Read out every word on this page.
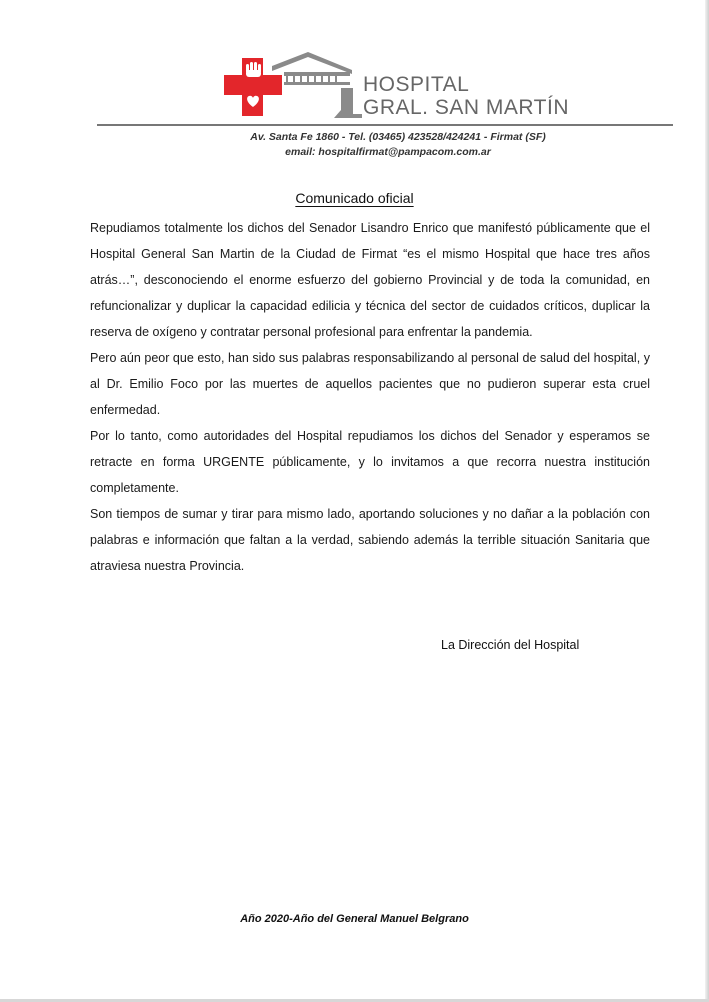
HOSPITAL
GRAL. SAN MARTÍN
Av. Santa Fe 1860 - Tel. (03465) 423528/424241 - Firmat (SF)
email: hospitalfirmat@pampacom.com.ar
Comunicado oficial

Repudiamos totalmente los dichos del Senador Lisandro Enrico que manifestó públicamente que el Hospital General San Martin de la Ciudad de Firmat “es el mismo Hospital que hace tres años atrás…”, desconociendo el enorme esfuerzo del gobierno Provincial y de toda la comunidad, en refuncionalizar y duplicar la capacidad edilicia y técnica del sector de cuidados críticos, duplicar la reserva de oxígeno y contratar personal profesional para enfrentar la pandemia.

Pero aún peor que esto, han sido sus palabras responsabilizando al personal de salud del hospital, y al Dr. Emilio Foco por las muertes de aquellos pacientes que no pudieron superar esta cruel enfermedad.

Por lo tanto, como autoridades del Hospital repudiamos los dichos del Senador y esperamos se retracte en forma URGENTE públicamente, y lo invitamos a que recorra nuestra institución completamente.

Son tiempos de sumar y tirar para mismo lado, aportando soluciones y no dañar a la población con palabras e información que faltan a la verdad, sabiendo además la terrible situación Sanitaria que atraviesa nuestra Provincia.

La Dirección del Hospital
Año 2020-Año del General Manuel Belgrano
